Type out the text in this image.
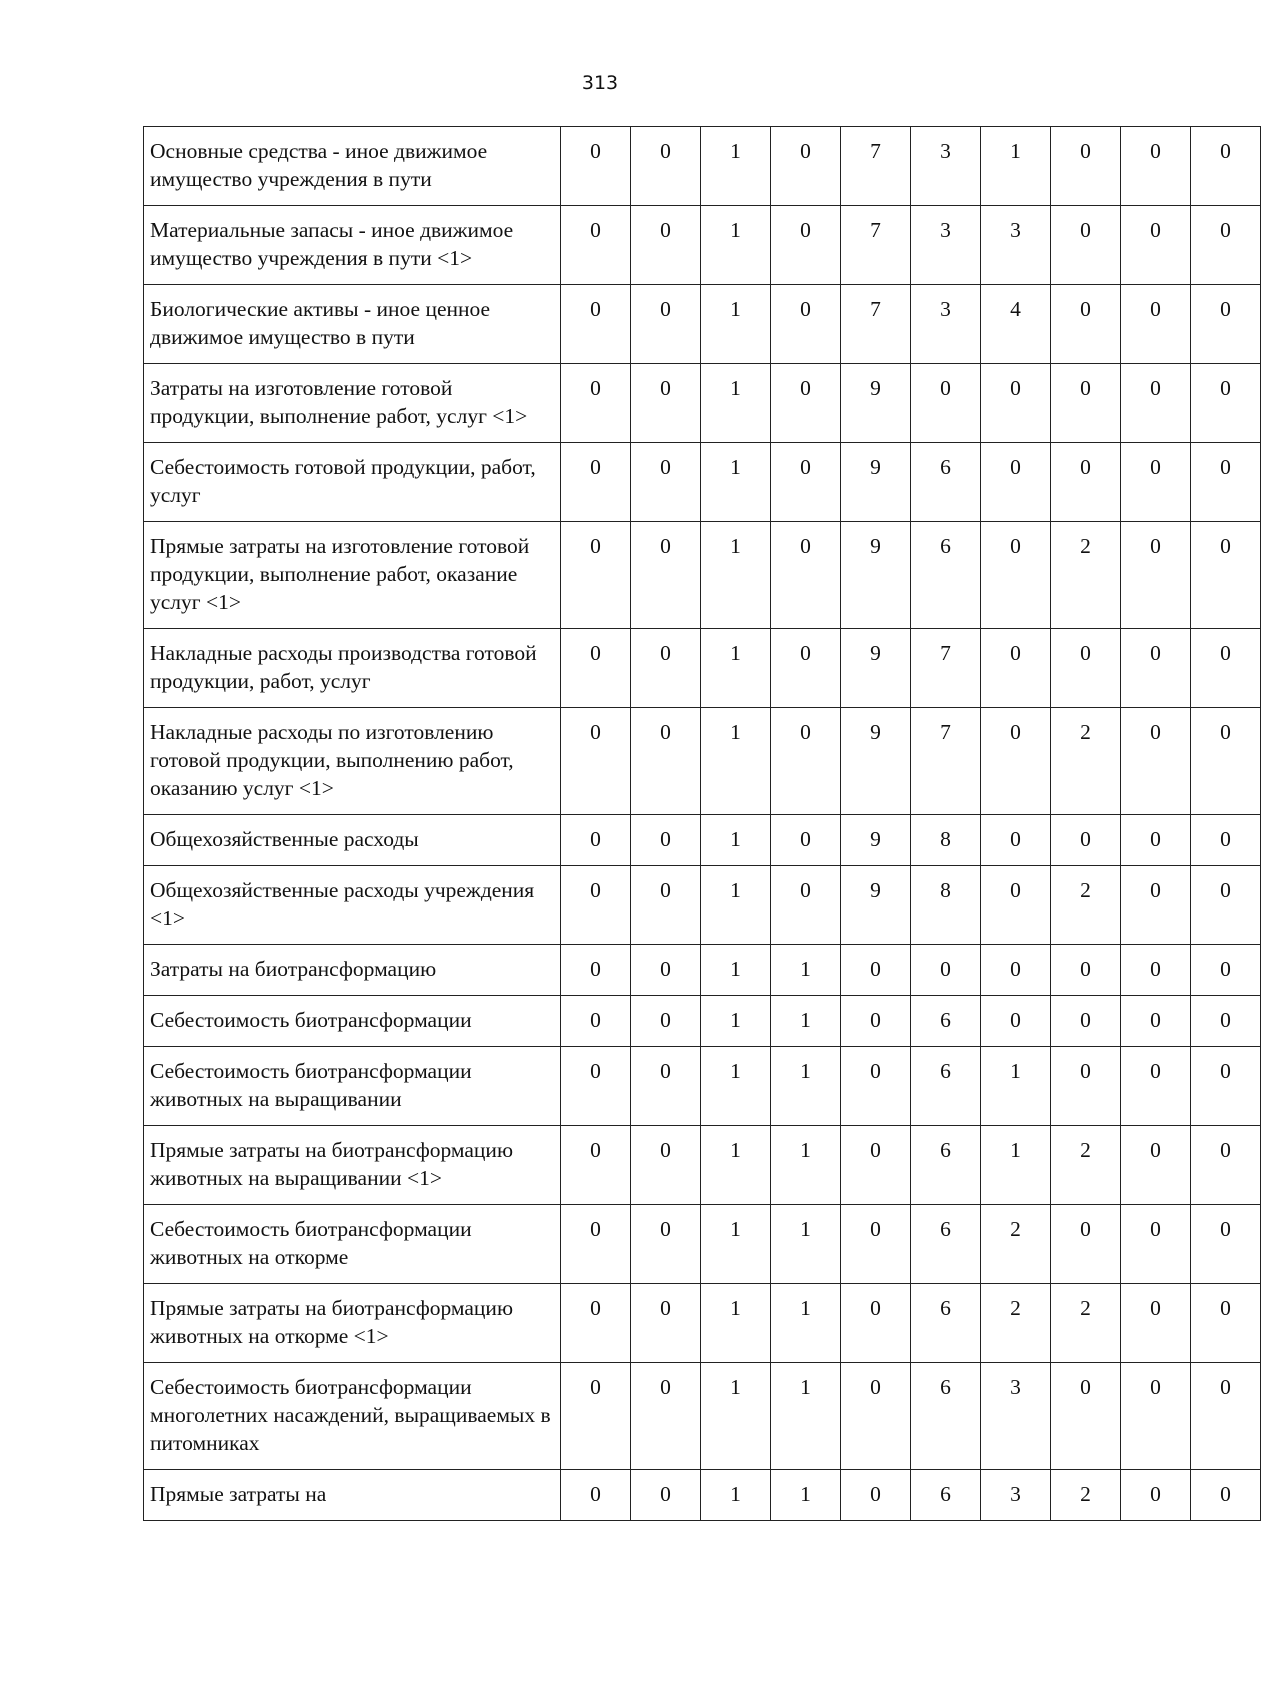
313
Основные средства - иное движимое имущество учреждения в пути	0	0	1	0	7	3	1	0	0	0
Материальные запасы - иное движимое имущество учреждения в пути <1>	0	0	1	0	7	3	3	0	0	0
Биологические активы - иное ценное движимое имущество в пути	0	0	1	0	7	3	4	0	0	0
Затраты на изготовление готовой продукции, выполнение работ, услуг <1>	0	0	1	0	9	0	0	0	0	0
Себестоимость готовой продукции, работ, услуг	0	0	1	0	9	6	0	0	0	0
Прямые затраты на изготовление готовой продукции, выполнение работ, оказание услуг <1>	0	0	1	0	9	6	0	2	0	0
Накладные расходы производства готовой продукции, работ, услуг	0	0	1	0	9	7	0	0	0	0
Накладные расходы по изготовлению готовой продукции, выполнению работ, оказанию услуг <1>	0	0	1	0	9	7	0	2	0	0
Общехозяйственные расходы	0	0	1	0	9	8	0	0	0	0
Общехозяйственные расходы учреждения <1>	0	0	1	0	9	8	0	2	0	0
Затраты на биотрансформацию	0	0	1	1	0	0	0	0	0	0
Себестоимость биотрансформации	0	0	1	1	0	6	0	0	0	0
Себестоимость биотрансформации животных на выращивании	0	0	1	1	0	6	1	0	0	0
Прямые затраты на биотрансформацию животных на выращивании <1>	0	0	1	1	0	6	1	2	0	0
Себестоимость биотрансформации животных на откорме	0	0	1	1	0	6	2	0	0	0
Прямые затраты на биотрансформацию животных на откорме <1>	0	0	1	1	0	6	2	2	0	0
Себестоимость биотрансформации многолетних насаждений, выращиваемых в питомниках	0	0	1	1	0	6	3	0	0	0
Прямые затраты на	0	0	1	1	0	6	3	2	0	0
